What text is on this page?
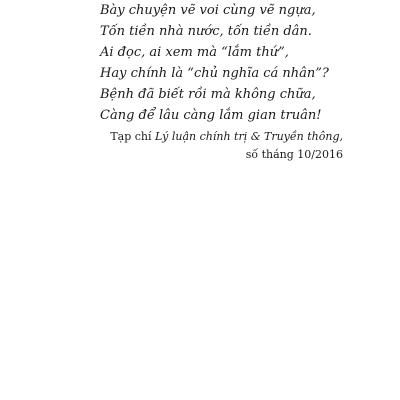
Bày chuyện vẽ voi cùng vẽ ngựa,

Tốn tiền nhà nước, tốn tiền dân.

Ai đọc, ai xem mà “lắm thứ”,

Hay chính là “chủ nghĩa cá nhân”?

Bệnh đã biết rồi mà không chữa,

Càng để lâu càng lắm gian truân!

Tạp chí Lý luận chính trị & Truyền thông,
số tháng 10/2016
